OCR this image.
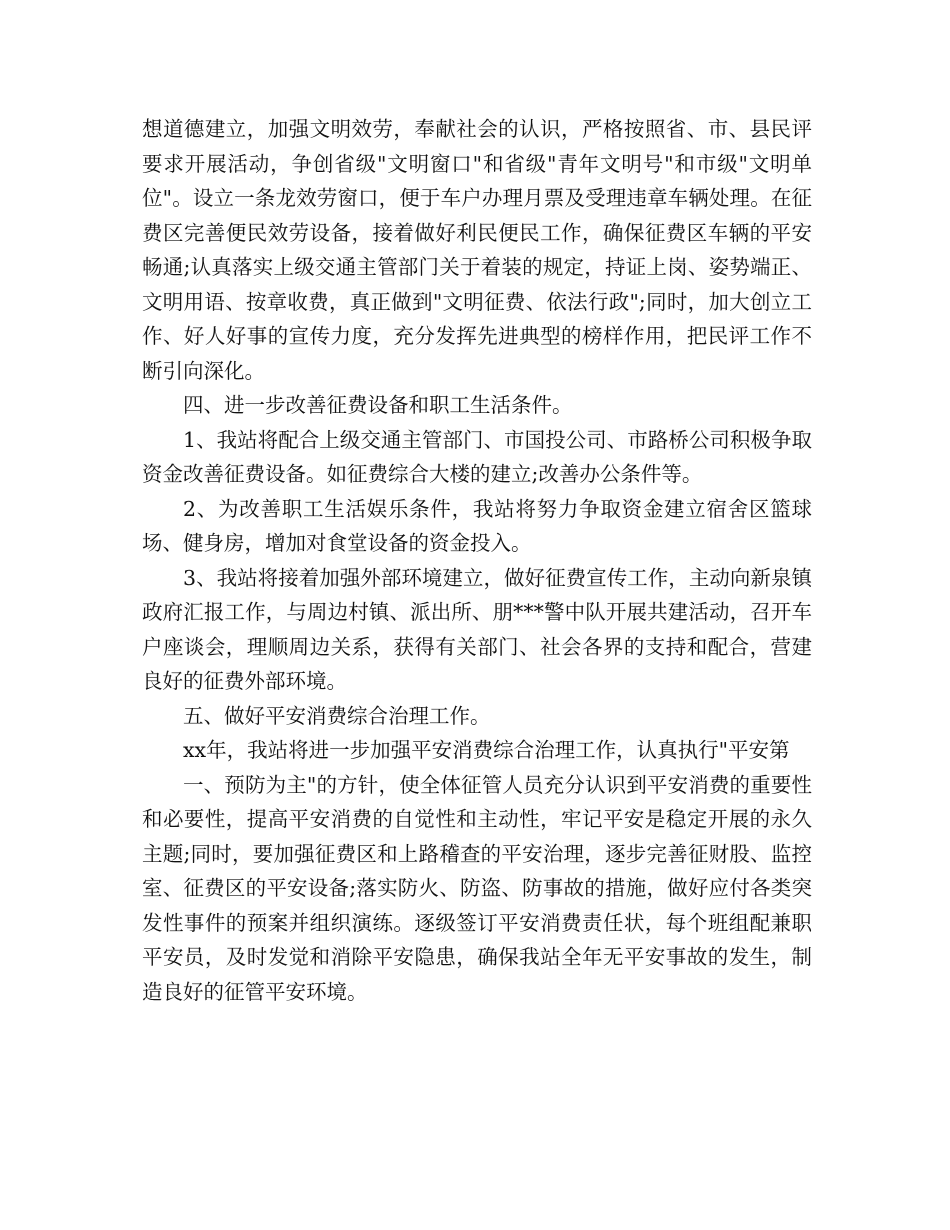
想道德建立，加强文明效劳，奉献社会的认识，严格按照省、市、县民评要求开展活动，争创省级"文明窗口"和省级"青年文明号"和市级"文明单位"。设立一条龙效劳窗口，便于车户办理月票及受理违章车辆处理。在征费区完善便民效劳设备，接着做好利民便民工作，确保征费区车辆的平安畅通;认真落实上级交通主管部门关于着装的规定，持证上岗、姿势端正、文明用语、按章收费，真正做到"文明征费、依法行政";同时，加大创立工作、好人好事的宣传力度，充分发挥先进典型的榜样作用，把民评工作不断引向深化。

四、进一步改善征费设备和职工生活条件。

1、我站将配合上级交通主管部门、市国投公司、市路桥公司积极争取资金改善征费设备。如征费综合大楼的建立;改善办公条件等。

2、为改善职工生活娱乐条件，我站将努力争取资金建立宿舍区篮球场、健身房，增加对食堂设备的资金投入。

3、我站将接着加强外部环境建立，做好征费宣传工作，主动向新泉镇政府汇报工作，与周边村镇、派出所、朋***警中队开展共建活动，召开车户座谈会，理顺周边关系，获得有关部门、社会各界的支持和配合，营建良好的征费外部环境。

五、做好平安消费综合治理工作。

xx年，我站将进一步加强平安消费综合治理工作，认真执行"平安第

一、预防为主"的方针，使全体征管人员充分认识到平安消费的重要性和必要性，提高平安消费的自觉性和主动性，牢记平安是稳定开展的永久主题;同时，要加强征费区和上路稽查的平安治理，逐步完善征财股、监控室、征费区的平安设备;落实防火、防盗、防事故的措施，做好应付各类突发性事件的预案并组织演练。逐级签订平安消费责任状，每个班组配兼职平安员，及时发觉和消除平安隐患，确保我站全年无平安事故的发生，制造良好的征管平安环境。
